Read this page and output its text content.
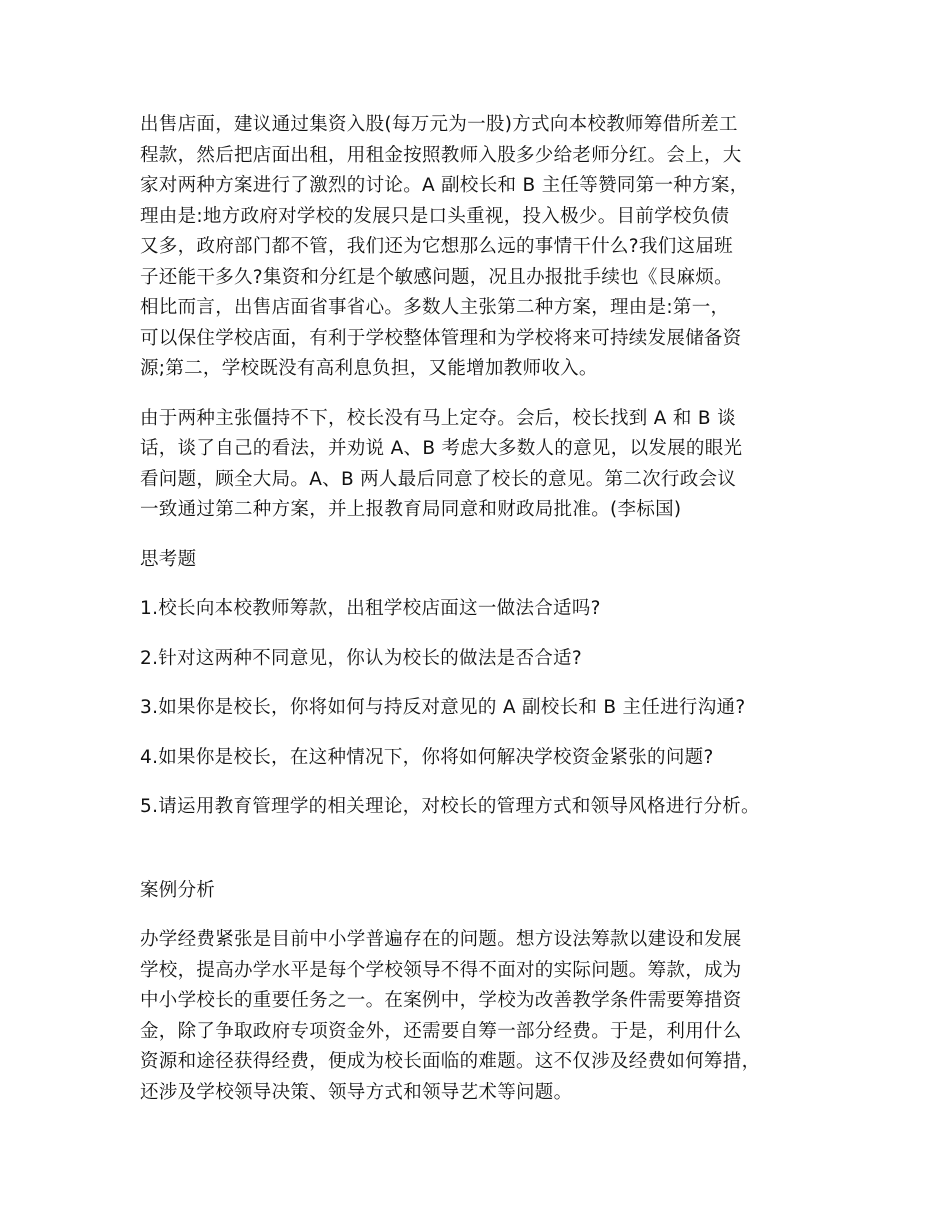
出售店面，建议通过集资入股(每万元为一股)方式向本校教师筹借所差工
程款，然后把店面出租，用租金按照教师入股多少给老师分红。会上，大
家对两种方案进行了激烈的讨论。A 副校长和 B 主任等赞同第一种方案，
理由是:地方政府对学校的发展只是口头重视，投入极少。目前学校负债
又多，政府部门都不管，我们还为它想那么远的事情干什么?我们这届班
子还能干多久?集资和分红是个敏感问题，况且办报批手续也《艮麻烦。
相比而言，出售店面省事省心。多数人主张第二种方案，理由是:第一，
可以保住学校店面，有利于学校整体管理和为学校将来可持续发展储备资
源;第二，学校既没有高利息负担，又能增加教师收入。
由于两种主张僵持不下，校长没有马上定夺。会后，校长找到 A 和 B 谈
话，谈了自己的看法，并劝说 A、B 考虑大多数人的意见，以发展的眼光
看问题，顾全大局。A、B 两人最后同意了校长的意见。第二次行政会议
一致通过第二种方案，并上报教育局同意和财政局批准。(李标国)
思考题
1.校长向本校教师筹款，出租学校店面这一做法合适吗?
2.针对这两种不同意见，你认为校长的做法是否合适?
3.如果你是校长，你将如何与持反对意见的 A 副校长和 B 主任进行沟通?
4.如果你是校长，在这种情况下，你将如何解决学校资金紧张的问题?
5.请运用教育管理学的相关理论，对校长的管理方式和领导风格进行分析。
案例分析
办学经费紧张是目前中小学普遍存在的问题。想方设法筹款以建设和发展
学校，提高办学水平是每个学校领导不得不面对的实际问题。筹款，成为
中小学校长的重要任务之一。在案例中，学校为改善教学条件需要筹措资
金，除了争取政府专项资金外，还需要自筹一部分经费。于是，利用什么
资源和途径获得经费，便成为校长面临的难题。这不仅涉及经费如何筹措，
还涉及学校领导决策、领导方式和领导艺术等问题。
